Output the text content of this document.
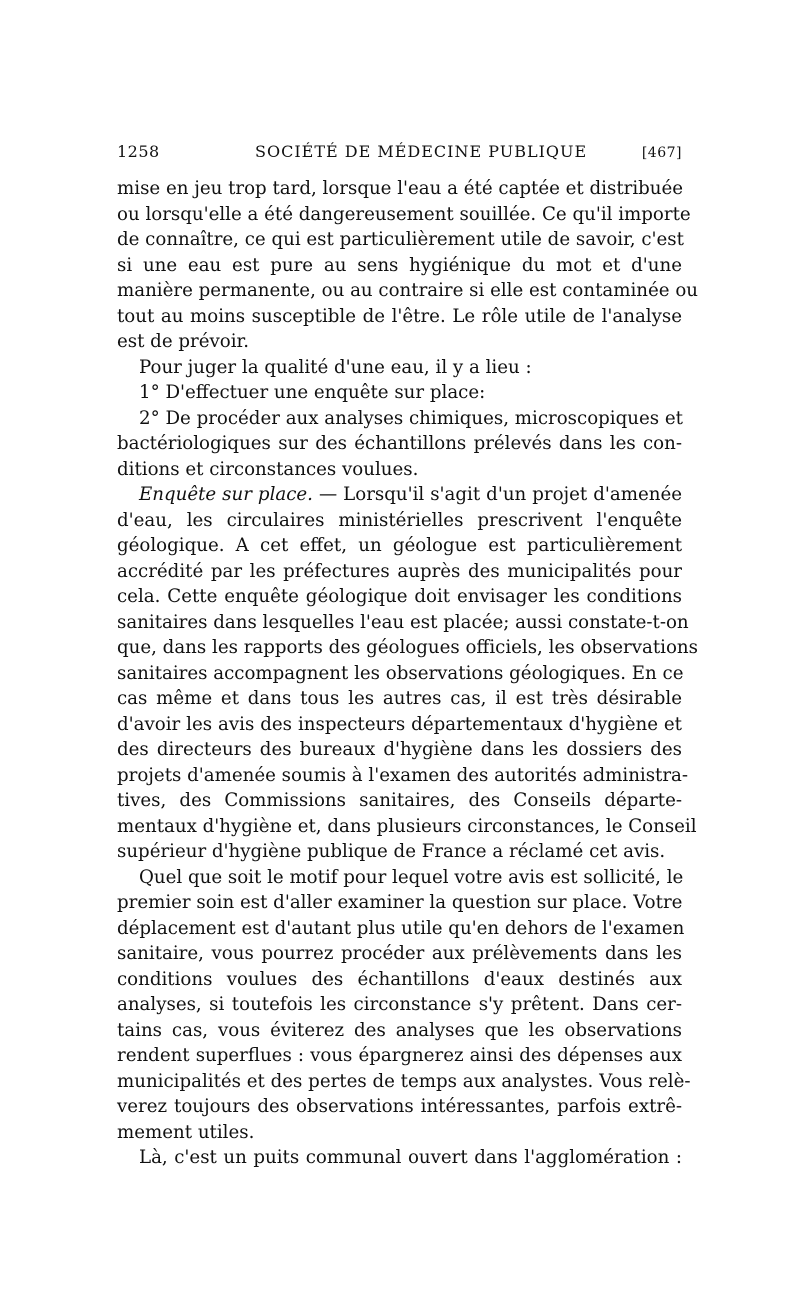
1258	SOCIÉTÉ DE MÉDECINE PUBLIQUE	[467]
mise en jeu trop tard, lorsque l'eau a été captée et distribuée
ou lorsqu'elle a été dangereusement souillée. Ce qu'il importe
de connaître, ce qui est particulièrement utile de savoir, c'est
si une eau est pure au sens hygiénique du mot et d'une
manière permanente, ou au contraire si elle est contaminée ou
tout au moins susceptible de l'être. Le rôle utile de l'analyse
est de prévoir.
Pour juger la qualité d'une eau, il y a lieu :
1° D'effectuer une enquête sur place:
2° De procéder aux analyses chimiques, microscopiques et
bactériologiques sur des échantillons prélevés dans les con-
ditions et circonstances voulues.
Enquête sur place. — Lorsqu'il s'agit d'un projet d'amenée
d'eau, les circulaires ministérielles prescrivent l'enquête
géologique. A cet effet, un géologue est particulièrement
accrédité par les préfectures auprès des municipalités pour
cela. Cette enquête géologique doit envisager les conditions
sanitaires dans lesquelles l'eau est placée; aussi constate-t-on
que, dans les rapports des géologues officiels, les observations
sanitaires accompagnent les observations géologiques. En ce
cas même et dans tous les autres cas, il est très désirable
d'avoir les avis des inspecteurs départementaux d'hygiène et
des directeurs des bureaux d'hygiène dans les dossiers des
projets d'amenée soumis à l'examen des autorités administra-
tives, des Commissions sanitaires, des Conseils départe-
mentaux d'hygiène et, dans plusieurs circonstances, le Conseil
supérieur d'hygiène publique de France a réclamé cet avis.
Quel que soit le motif pour lequel votre avis est sollicité, le
premier soin est d'aller examiner la question sur place. Votre
déplacement est d'autant plus utile qu'en dehors de l'examen
sanitaire, vous pourrez procéder aux prélèvements dans les
conditions voulues des échantillons d'eaux destinés aux
analyses, si toutefois les circonstance s'y prêtent. Dans cer-
tains cas, vous éviterez des analyses que les observations
rendent superflues : vous épargnerez ainsi des dépenses aux
municipalités et des pertes de temps aux analystes. Vous relè-
verez toujours des observations intéressantes, parfois extrê-
mement utiles.
Là, c'est un puits communal ouvert dans l'agglomération :
